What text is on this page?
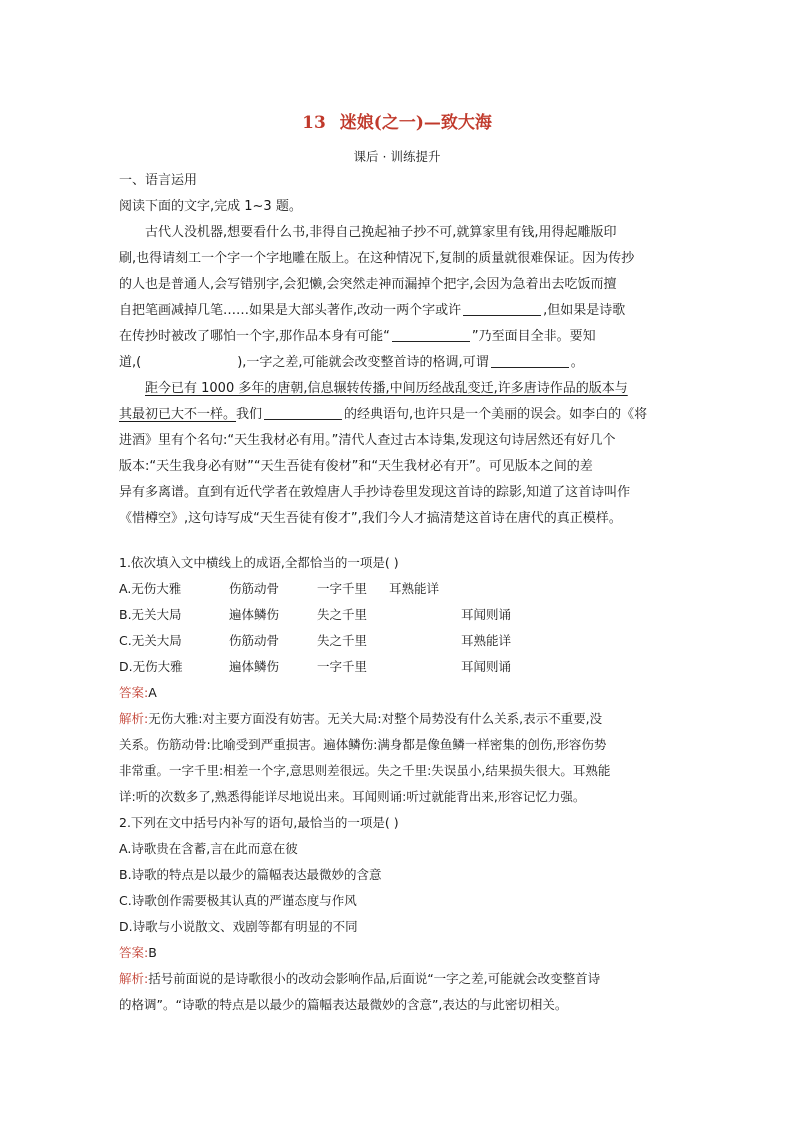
13 迷娘(之一)—致大海
课后 · 训练提升
一、语言运用
阅读下面的文字,完成 1~3 题。
古代人没机器,想要看什么书,非得自己挽起袖子抄不可,就算家里有钱,用得起雕版印
刷,也得请刻工一个字一个字地雕在版上。在这种情况下,复制的质量就很难保证。因为传抄
的人也是普通人,会写错别字,会犯懒,会突然走神而漏掉个把字,会因为急着出去吃饭而擅
自把笔画减掉几笔……如果是大部头著作,改动一两个字或许	,但如果是诗歌
在传抄时被改了哪怕一个字,那作品本身有可能“	”乃至面目全非。要知
道,(	),一字之差,可能就会改变整首诗的格调,可谓	。
距今已有 1000 多年的唐朝,信息辗转传播,中间历经战乱变迁,许多唐诗作品的版本与
其最初已大不一样。我们	的经典语句,也许只是一个美丽的误会。如李白的《将
进酒》里有个名句:“天生我材必有用。”清代人查过古本诗集,发现这句诗居然还有好几个
版本:“天生我身必有财”“天生吾徒有俊材”和“天生我材必有开”。可见版本之间的差
异有多离谱。直到有近代学者在敦煌唐人手抄诗卷里发现这首诗的踪影,知道了这首诗叫作
《惜樽空》,这句诗写成“天生吾徒有俊才”,我们今人才搞清楚这首诗在唐代的真正模样。
1.依次填入文中横线上的成语,全都恰当的一项是( )
A.无伤大雅	伤筋动骨	一字千里 耳熟能详
B.无关大局	遍体鳞伤	失之千里	耳闻则诵
C.无关大局	伤筋动骨	失之千里	耳熟能详
D.无伤大雅	遍体鳞伤	一字千里	耳闻则诵
答案:A
解析:无伤大雅:对主要方面没有妨害。无关大局:对整个局势没有什么关系,表示不重要,没
关系。伤筋动骨:比喻受到严重损害。遍体鳞伤:满身都是像鱼鳞一样密集的创伤,形容伤势
非常重。一字千里:相差一个字,意思则差很远。失之千里:失误虽小,结果损失很大。耳熟能
详:听的次数多了,熟悉得能详尽地说出来。耳闻则诵:听过就能背出来,形容记忆力强。
2.下列在文中括号内补写的语句,最恰当的一项是( )
A.诗歌贵在含蓄,言在此而意在彼
B.诗歌的特点是以最少的篇幅表达最微妙的含意
C.诗歌创作需要极其认真的严谨态度与作风
D.诗歌与小说散文、戏剧等都有明显的不同
答案:B
解析:括号前面说的是诗歌很小的改动会影响作品,后面说“一字之差,可能就会改变整首诗
的格调”。“诗歌的特点是以最少的篇幅表达最微妙的含意”,表达的与此密切相关。
